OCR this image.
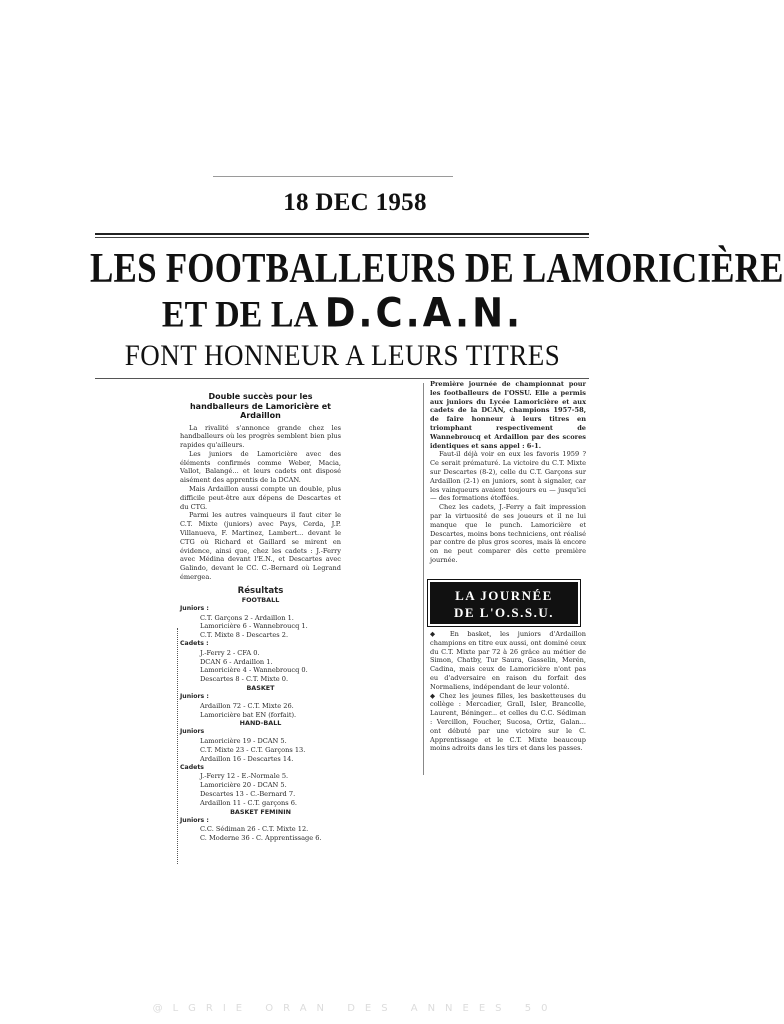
18 DEC 1958
LES FOOTBALLEURS DE LAMORICIÈRE
ET DE LA D.C.A.N.
FONT HONNEUR A LEURS TITRES
Double succès pour les handballeurs de Lamoricière et Ardaillon

La rivalité s'annonce grande chez les handballeurs où les progrès semblent bien plus rapides qu'ailleurs.

Les juniors de Lamoricière avec des éléments confirmés comme Weber, Macia, Vallot, Balangé... et leurs cadets ont disposé aisément des apprentis de la DCAN.

Mais Ardaillon aussi compte un double, plus difficile peut-être aux dépens de Descartes et du CTG.

Parmi les autres vainqueurs il faut citer le C.T. Mixte (juniors) avec Pays, Cerda, J.P. Villanueva, F. Martinez, Lambert... devant le CTG où Richard et Gaillard se mirent en évidence, ainsi que, chez les cadets : J.-Ferry avec Médina devant l'E.N., et Descartes avec Galindo, devant le CC. C.-Bernard où Legrand émergea.

Résultats
FOOTBALL
Juniors :
C.T. Garçons 2 - Ardaillon 1.
Lamoricière 6 - Wannebroucq 1.
C.T. Mixte 8 - Descartes 2.
Cadets :
J.-Ferry 2 - CFA 0.
DCAN 6 - Ardaillon 1.
Lamoricière 4 - Wannebroucq 0.
Descartes 8 - C.T. Mixte 0.
BASKET
Juniors :
Ardaillon 72 - C.T. Mixte 26.
Lamoricière bat EN (forfait).
HAND-BALL
Juniors
Lamoricière 19 - DCAN 5.
C.T. Mixte 23 - C.T. Garçons 13.
Ardaillon 16 - Descartes 14.
Cadets
J.-Ferry 12 - E.-Normale 5.
Lamoricière 20 - DCAN 5.
Descartes 13 - C.-Bernard 7.
Ardaillon 11 - C.T. garçons 6.
BASKET FEMININ
Juniors :
C.C. Sédiman 26 - C.T. Mixte 12.
C. Moderne 36 - C. Apprentissage 6.

Première journée de championnat pour les footballeurs de l'OSSU. Elle a permis aux juniors du Lycée Lamoricière et aux cadets de la DCAN, champions 1957-58, de faire honneur à leurs titres en triomphant respectivement de Wannebroucq et Ardaillon par des scores identiques et sans appel : 6-1.

Faut-il déjà voir en eux les favoris 1959 ? Ce serait prématuré. La victoire du C.T. Mixte sur Descartes (8-2), celle du C.T. Garçons sur Ardaillon (2-1) en juniors, sont à signaler, car les vainqueurs avaient toujours eu — jusqu'ici — des formations étoffées.

Chez les cadets, J.-Ferry a fait impression par la virtuosité de ses joueurs et il ne lui manque que le punch. Lamoricière et Descartes, moins bons techniciens, ont réalisé par contre de plus gros scores, mais là encore on ne peut comparer dès cette première journée.

LA JOURNÉE
DE L'O.S.S.U.

◆ En basket, les juniors d'Ardaillon champions en titre eux aussi, ont dominé ceux du C.T. Mixte par 72 à 26 grâce au métier de Simon, Chatby, Tur Saura, Gasselin, Merén, Cadina, mais ceux de Lamoricière n'ont pas eu d'adversaire en raison du forfait des Normaliens, indépendant de leur volonté.

◆ Chez les jeunes filles, les basketteuses du collège : Mercadier, Grall, Isler, Brancolle, Laurent, Béninger... et celles du C.C. Sédiman : Vercillon, Foucher, Sucosa, Ortiz, Galan... ont débuté par une victoire sur le C. Apprentissage et le C.T. Mixte beaucoup moins adroits dans les tirs et dans les passes.

@LGRIE ORAN DES ANNEES 50
